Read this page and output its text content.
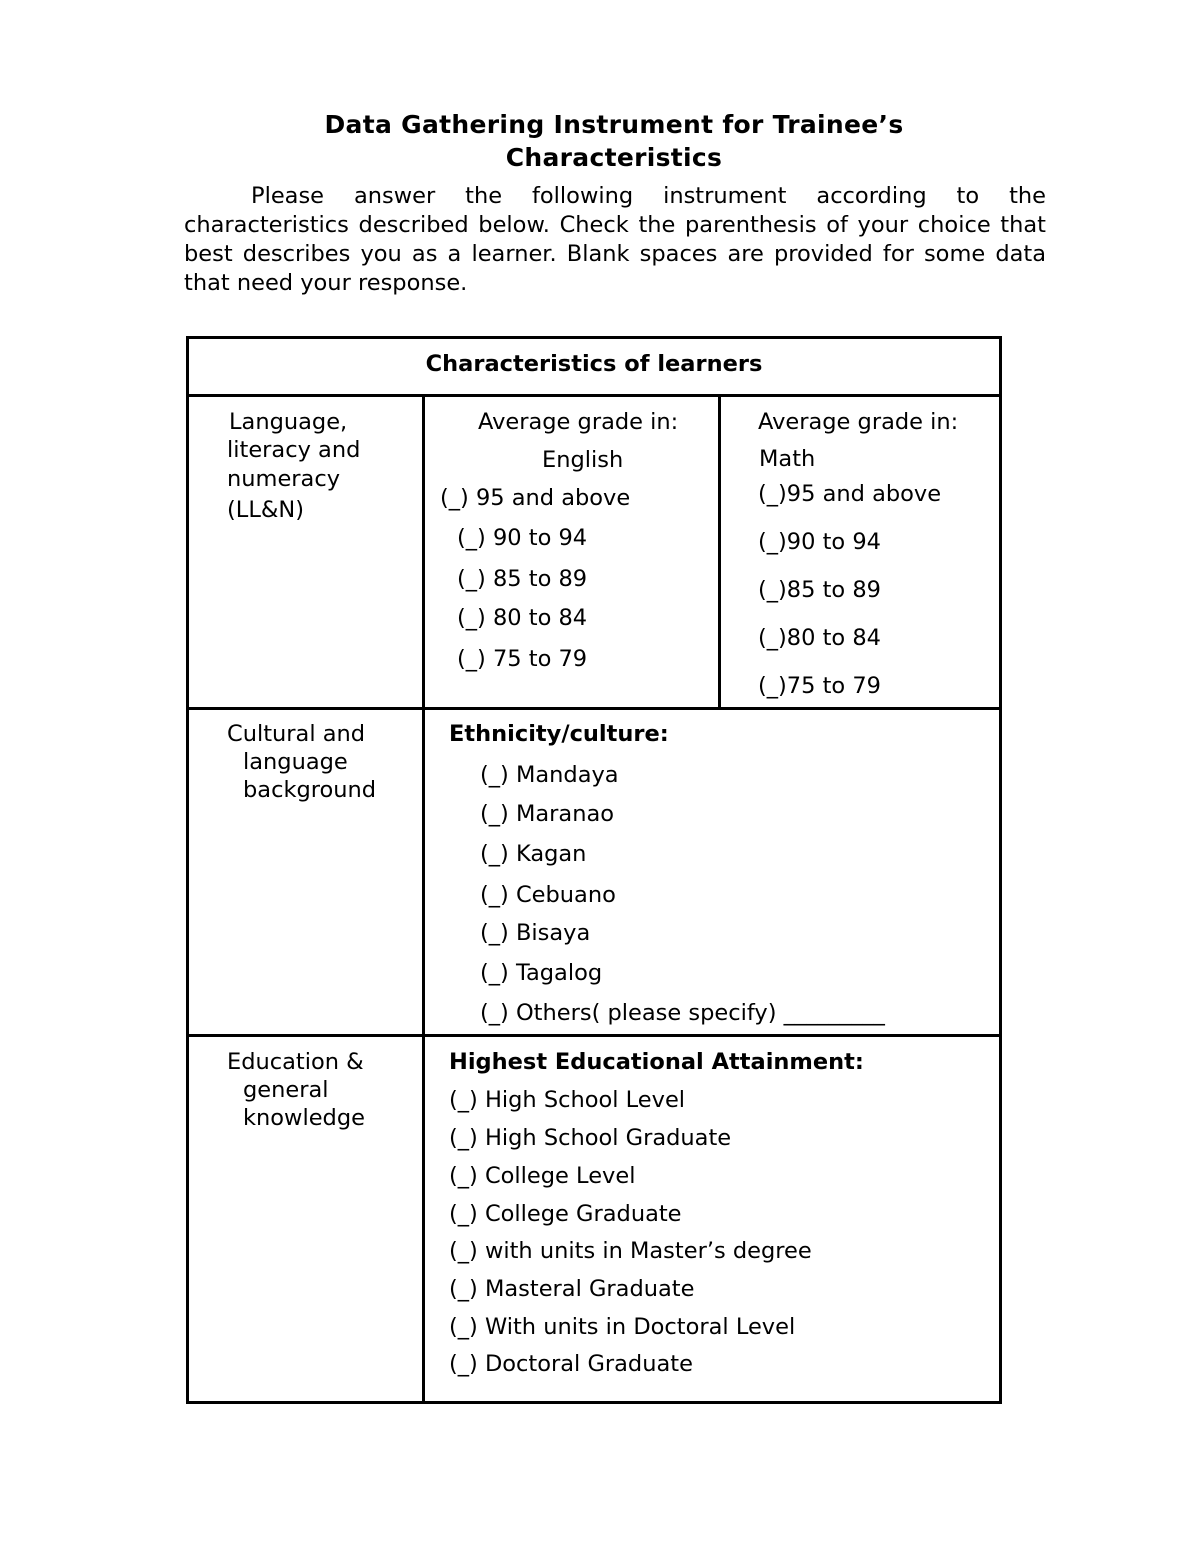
Data Gathering Instrument for Trainee’s
Characteristics
Please answer the following instrument according to the characteristics described below. Check the parenthesis of your choice that best describes you as a learner. Blank spaces are provided for some data that need your response.
Characteristics of learners
Language,
literacy and
numeracy
(LL&N)
Average grade in:
English
(_) 95 and above
(_) 90 to 94
(_) 85 to 89
(_) 80 to 84
(_) 75 to 79
Average grade in:
Math
(_)95 and above
(_)90 to 94
(_)85 to 89
(_)80 to 84
(_)75 to 79
Cultural and
language
background
Ethnicity/culture:
(_) Mandaya
(_) Maranao
(_) Kagan
(_) Cebuano
(_) Bisaya
(_) Tagalog
(_) Others( please specify) _________
Education &
general
knowledge
Highest Educational Attainment:
(_) High School Level
(_) High School Graduate
(_) College Level
(_) College Graduate
(_) with units in Master’s degree
(_) Masteral Graduate
(_) With units in Doctoral Level
(_) Doctoral Graduate
